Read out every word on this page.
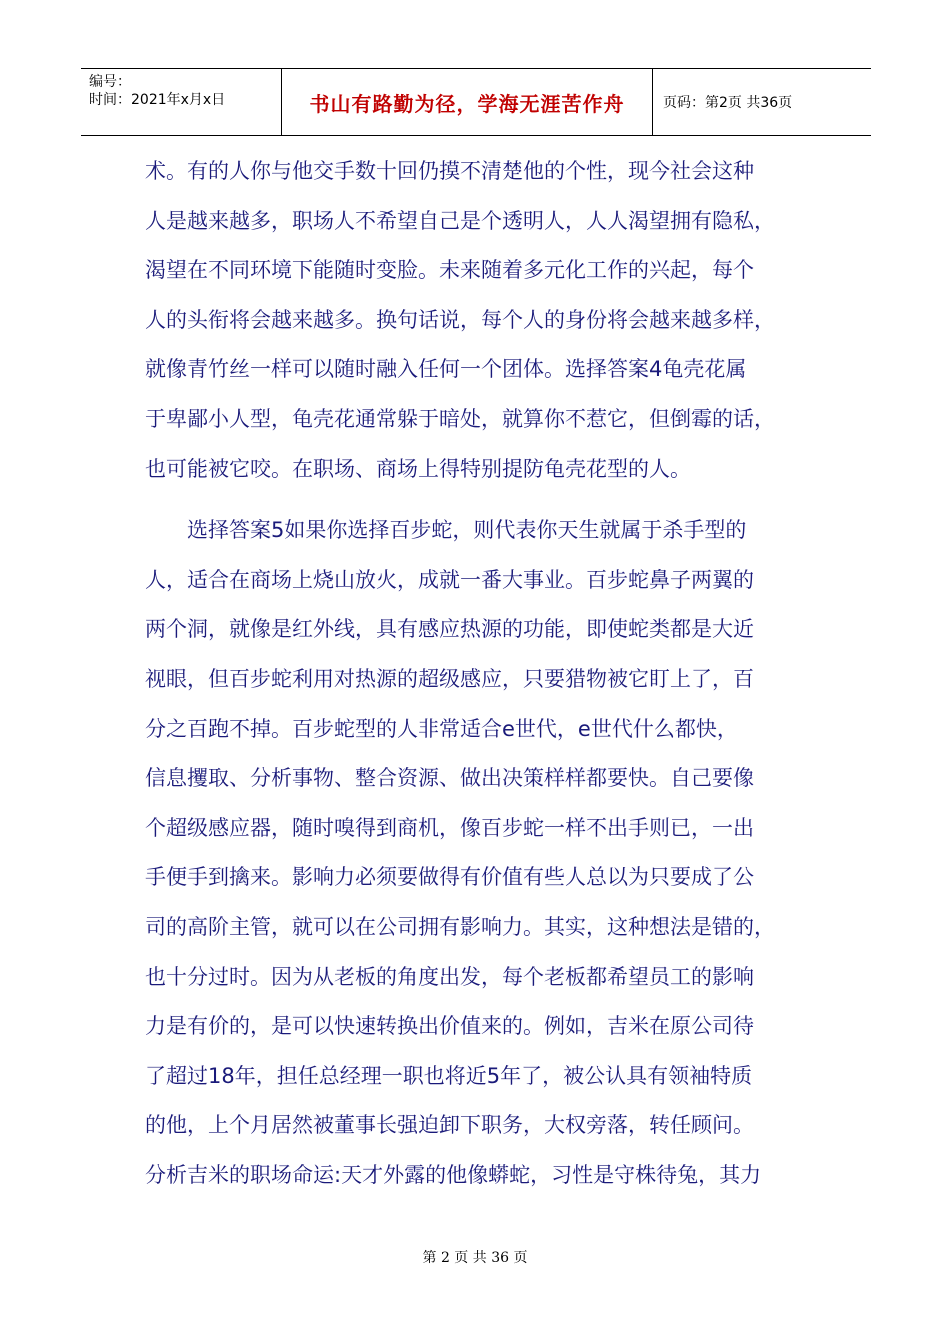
编号：
时间：2021年x月x日	书山有路勤为径，学海无涯苦作舟	页码：第2页 共36页
术。有的人你与他交手数十回仍摸不清楚他的个性，现今社会这种
人是越来越多，职场人不希望自己是个透明人，人人渴望拥有隐私，
渴望在不同环境下能随时变脸。未来随着多元化工作的兴起，每个
人的头衔将会越来越多。换句话说，每个人的身份将会越来越多样，
就像青竹丝一样可以随时融入任何一个团体。选择答案4龟壳花属
于卑鄙小人型，龟壳花通常躲于暗处，就算你不惹它，但倒霉的话，
也可能被它咬。在职场、商场上得特别提防龟壳花型的人。
选择答案5如果你选择百步蛇，则代表你天生就属于杀手型的
人，适合在商场上烧山放火，成就一番大事业。百步蛇鼻子两翼的
两个洞，就像是红外线，具有感应热源的功能，即使蛇类都是大近
视眼，但百步蛇利用对热源的超级感应，只要猎物被它盯上了，百
分之百跑不掉。百步蛇型的人非常适合e世代，e世代什么都快，
信息攫取、分析事物、整合资源、做出决策样样都要快。自己要像
个超级感应器，随时嗅得到商机，像百步蛇一样不出手则已，一出
手便手到擒来。影响力必须要做得有价值有些人总以为只要成了公
司的高阶主管，就可以在公司拥有影响力。其实，这种想法是错的，
也十分过时。因为从老板的角度出发，每个老板都希望员工的影响
力是有价的，是可以快速转换出价值来的。例如，吉米在原公司待
了超过18年，担任总经理一职也将近5年了，被公认具有领袖特质
的他，上个月居然被董事长强迫卸下职务，大权旁落，转任顾问。
分析吉米的职场命运:天才外露的他像蟒蛇，习性是守株待兔，其力
第 2 页 共 36 页
